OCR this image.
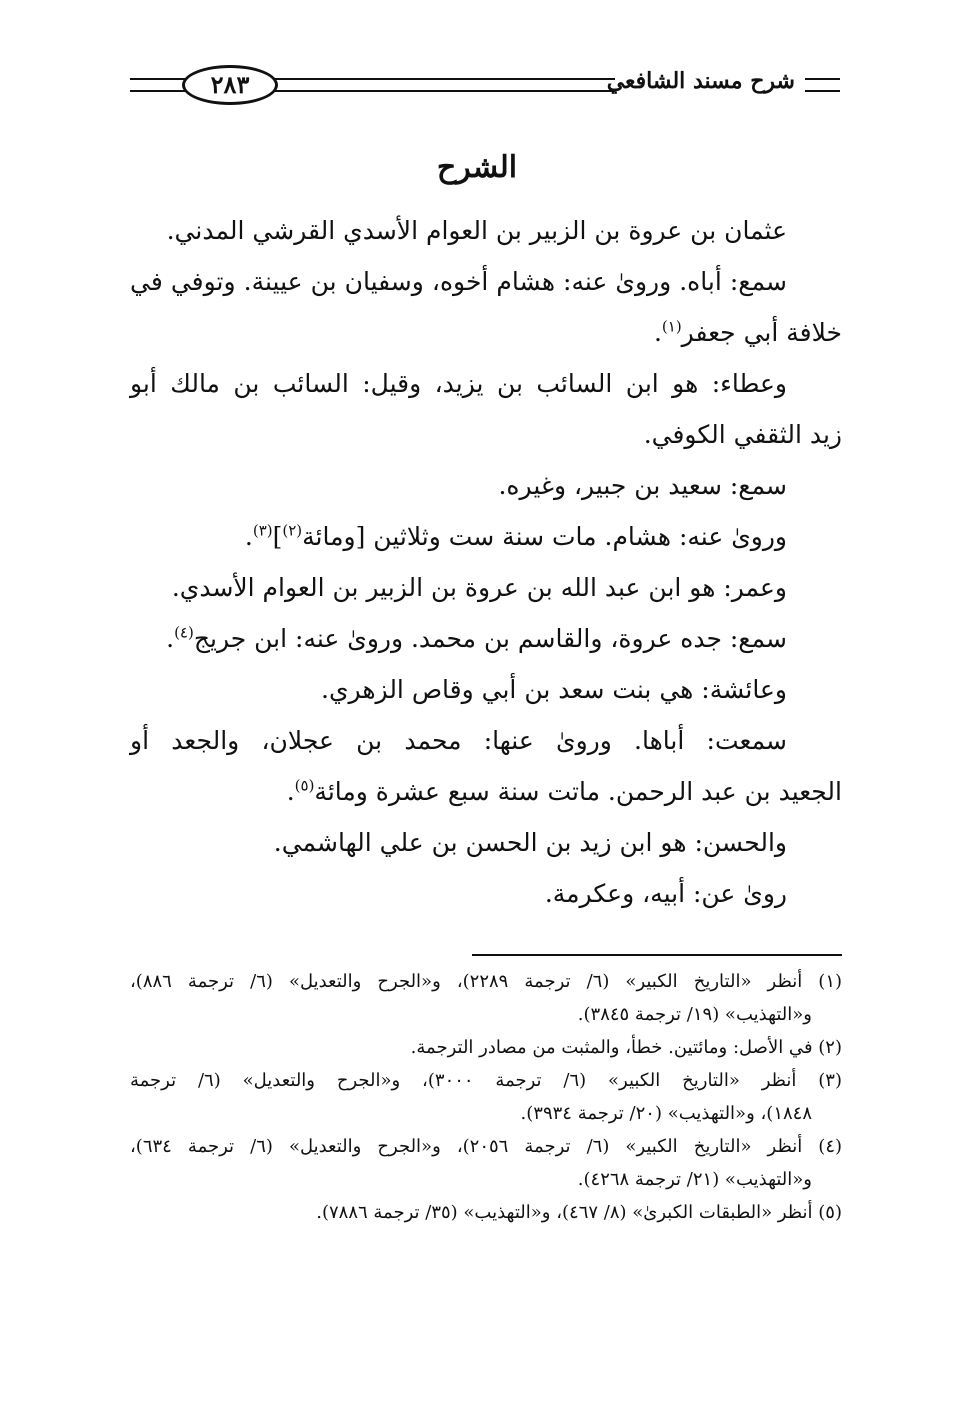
شرح مسند الشافعي
٢٨٣
الشرح
عثمان بن عروة بن الزبير بن العوام الأسدي القرشي المدني.
سمع: أباه. وروىٰ عنه: هشام أخوه، وسفيان بن عيينة. وتوفي في
خلافة أبي جعفر$^{(١)}$.
وعطاء: هو ابن السائب بن يزيد، وقيل: السائب بن مالك أبو
زيد الثقفي الكوفي.
سمع: سعيد بن جبير، وغيره.
وروىٰ عنه: هشام. مات سنة ست وثلاثين [ومائة$^{(٢)}$]$^{(٣)}$.
وعمر: هو ابن عبد الله بن عروة بن الزبير بن العوام الأسدي.
سمع: جده عروة، والقاسم بن محمد. وروىٰ عنه: ابن جريج$^{(٤)}$.
وعائشة: هي بنت سعد بن أبي وقاص الزهري.
سمعت: أباها. وروىٰ عنها: محمد بن عجلان، والجعد أو
الجعيد بن عبد الرحمن. ماتت سنة سبع عشرة ومائة$^{(٥)}$.
والحسن: هو ابن زيد بن الحسن بن علي الهاشمي.
روىٰ عن: أبيه، وعكرمة.
(١) أنظر «التاريخ الكبير» (٦/ ترجمة ٢٢٨٩)، و«الجرح والتعديل» (٦/ ترجمة ٨٨٦)،
و«التهذيب» (١٩/ ترجمة ٣٨٤٥).
(٢) في الأصل: ومائتين. خطأ، والمثبت من مصادر الترجمة.
(٣) أنظر «التاريخ الكبير» (٦/ ترجمة ٣٠٠٠)، و«الجرح والتعديل» (٦/ ترجمة
١٨٤٨)، و«التهذيب» (٢٠/ ترجمة ٣٩٣٤).
(٤) أنظر «التاريخ الكبير» (٦/ ترجمة ٢٠٥٦)، و«الجرح والتعديل» (٦/ ترجمة ٦٣٤)،
و«التهذيب» (٢١/ ترجمة ٤٢٦٨).
(٥) أنظر «الطبقات الكبرىٰ» (٨/ ٤٦٧)، و«التهذيب» (٣٥/ ترجمة ٧٨٨٦).
